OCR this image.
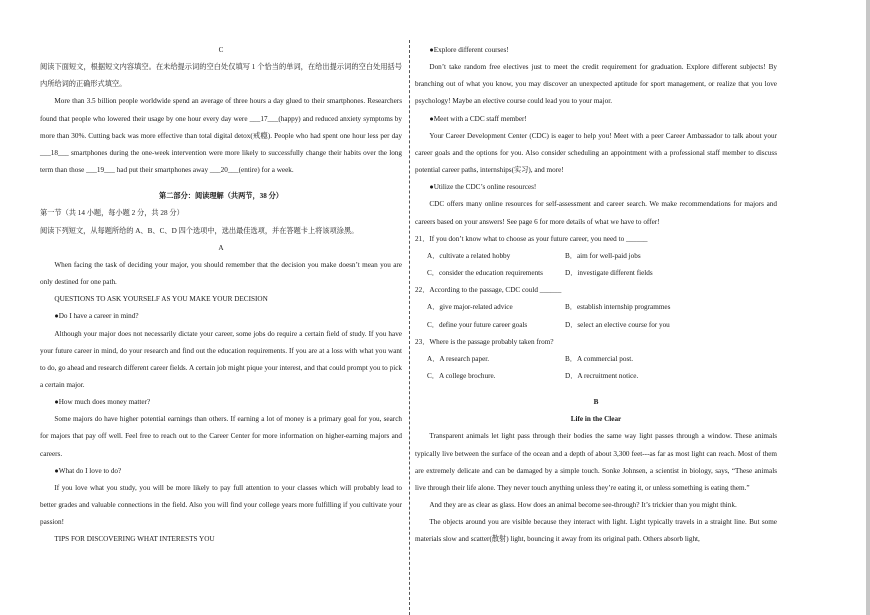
C

阅读下面短文，根据短文内容填空。在未给提示词的空白处仅填写 1 个恰当的单词，在给出提示词的空白处用括号内所给词的正确形式填空。

More than 3.5 billion people worldwide spend an average of three hours a day glued to their smartphones. Researchers found that people who lowered their usage by one hour every day were ___17___(happy) and reduced anxiety symptoms by more than 30%. Cutting back was more effective than total digital detox(戒瘾). People who had spent one hour less per day ___18___ smartphones during the one-week intervention were more likely to successfully change their habits over the long term than those ___19___ had put their smartphones away ___20___(entire) for a week.

第二部分：阅读理解（共两节，38 分）

第一节（共 14 小题，每小题 2 分，共 28 分）

阅读下列短文，从每题所给的 A、B、C、D 四个选项中，选出最佳选项，并在答题卡上将该项涂黑。

A

When facing the task of deciding your major, you should remember that the decision you make doesn’t mean you are only destined for one path.

QUESTIONS TO ASK YOURSELF AS YOU MAKE YOUR DECISION

●Do I have a career in mind?

Although your major does not necessarily dictate your career, some jobs do require a certain field of study. If you have your future career in mind, do your research and find out the education requirements. If you are at a loss with what you want to do, go ahead and research different career fields. A certain job might pique your interest, and that could prompt you to pick a certain major.

●How much does money matter?

Some majors do have higher potential earnings than others. If earning a lot of money is a primary goal for you, search for majors that pay off well. Feel free to reach out to the Career Center for more information on higher-earning majors and careers.

●What do I love to do?

If you love what you study, you will be more likely to pay full attention to your classes which will probably lead to better grades and valuable connections in the field. Also you will find your college years more fulfilling if you cultivate your passion!

TIPS FOR DISCOVERING WHAT INTERESTS YOU

●Explore different courses!

Don’t take random free electives just to meet the credit requirement for graduation. Explore different subjects! By branching out of what you know, you may discover an unexpected aptitude for sport management, or realize that you love psychology! Maybe an elective course could lead you to your major.

●Meet with a CDC staff member!

Your Career Development Center (CDC) is eager to help you! Meet with a peer Career Ambassador to talk about your career goals and the options for you. Also consider scheduling an appointment with a professional staff member to discuss potential career paths, internships(实习), and more!

●Utilize the CDC’s online resources!

CDC offers many online resources for self-assessment and career search. We make recommendations for majors and careers based on your answers! See page 6 for more details of what we have to offer!

21．If you don’t know what to choose as your future career, you need to ______

A．cultivate a related hobby	B．aim for well-paid jobs
C．consider the education requirements	D．investigate different fields

22．According to the passage, CDC could ______

A．give major-related advice	B．establish internship programmes
C．define your future career goals	D．select an elective course for you

23．Where is the passage probably taken from?

A．A research paper.	B．A commercial post.
C．A college brochure.	D．A recruitment notice.

B

Life in the Clear

Transparent animals let light pass through their bodies the same way light passes through a window. These animals typically live between the surface of the ocean and a depth of about 3,300 feet---as far as most light can reach. Most of them are extremely delicate and can be damaged by a simple touch. Sonke Johnsen, a scientist in biology, says, “These animals live through their life alone. They never touch anything unless they’re eating it, or unless something is eating them.”

And they are as clear as glass. How does an animal become see-through? It’s trickier than you might think.

The objects around you are visible because they interact with light. Light typically travels in a straight line. But some materials slow and scatter(散射) light, bouncing it away from its original path. Others absorb light,
